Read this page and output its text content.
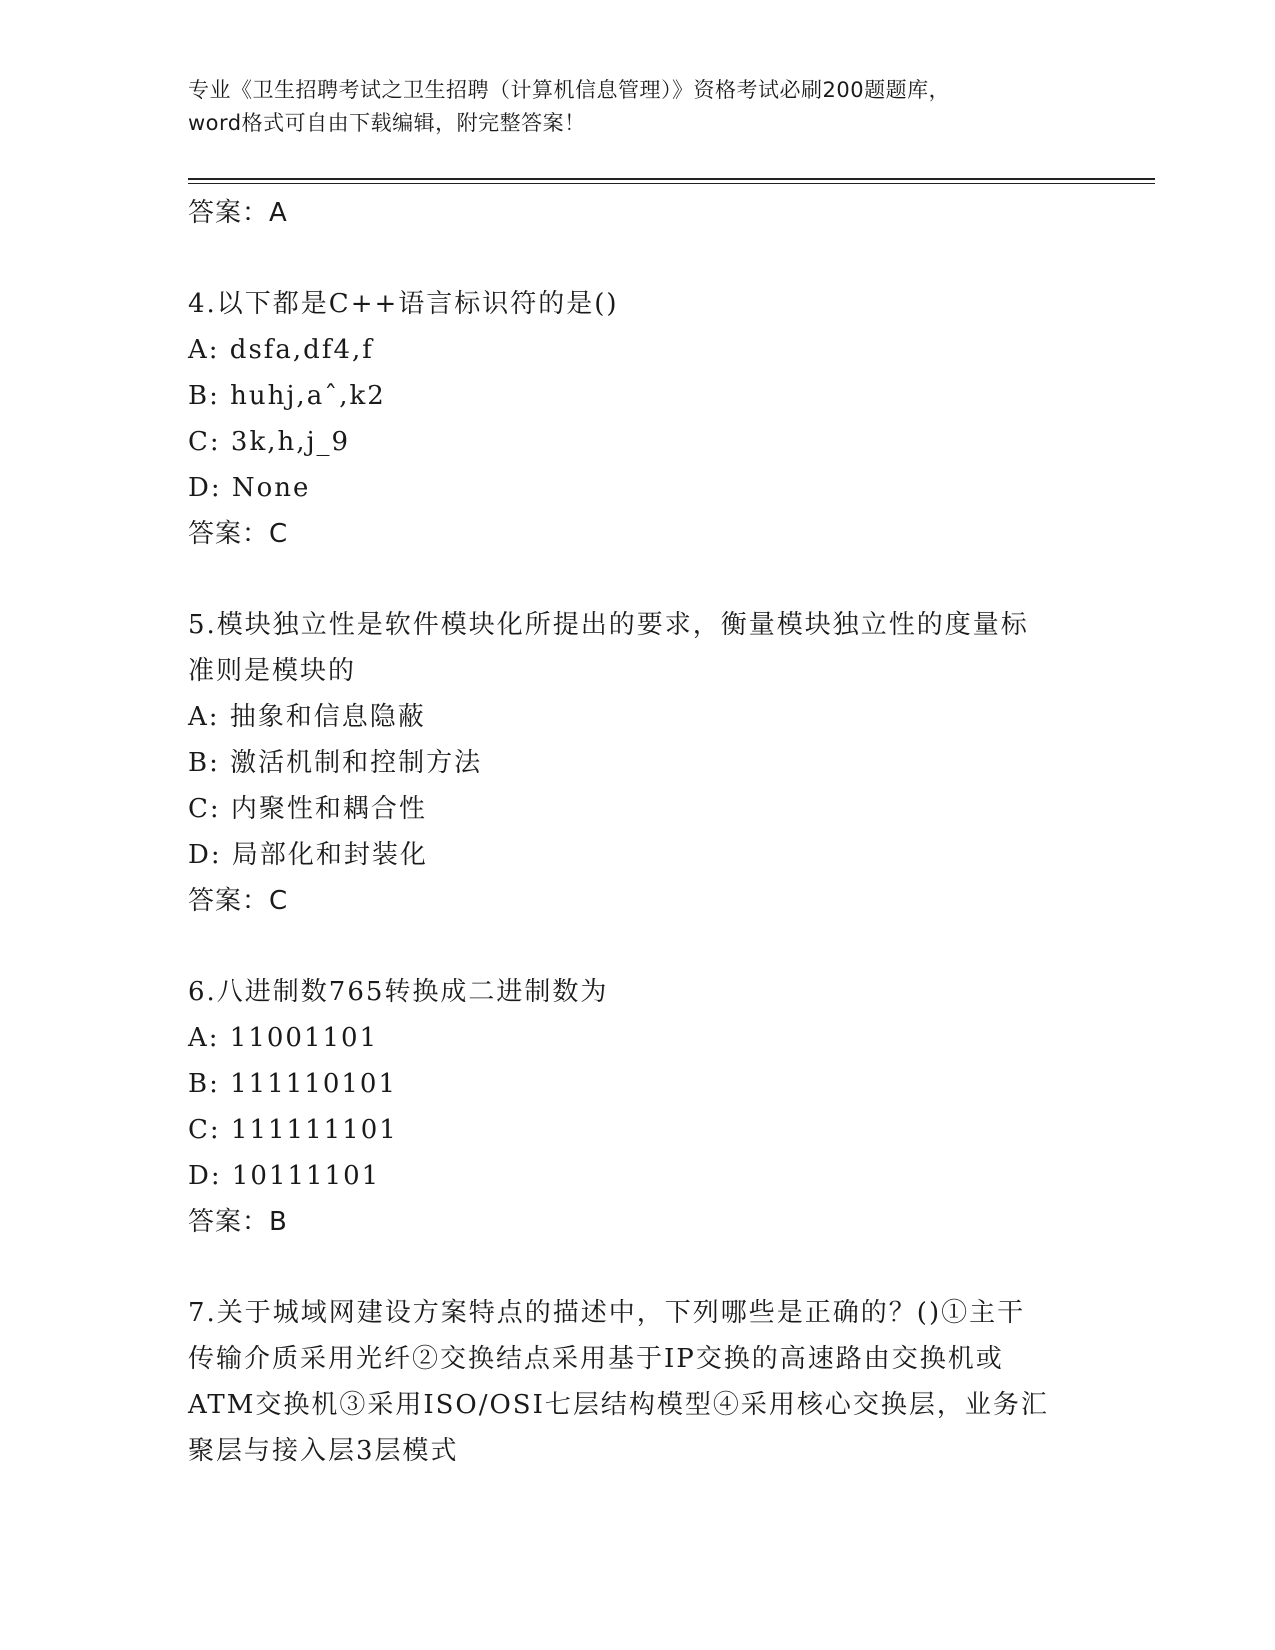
专业《卫生招聘考试之卫生招聘（计算机信息管理）》资格考试必刷200题题库，
word格式可自由下载编辑，附完整答案！
答案：A
4.以下都是C++语言标识符的是()
A: dsfa,df4,f
B: huhj,aˆ,k2
C: 3k,h,j_9
D: None
答案：C
5.模块独立性是软件模块化所提出的要求，衡量模块独立性的度量标
准则是模块的
A: 抽象和信息隐蔽
B: 激活机制和控制方法
C: 内聚性和耦合性
D: 局部化和封装化
答案：C
6.八进制数765转换成二进制数为
A: 11001101
B: 111110101
C: 111111101
D: 10111101
答案：B
7.关于城域网建设方案特点的描述中，下列哪些是正确的？()①主干
传输介质采用光纤②交换结点采用基于IP交换的高速路由交换机或
ATM交换机③采用ISO/OSI七层结构模型④采用核心交换层，业务汇
聚层与接入层3层模式
